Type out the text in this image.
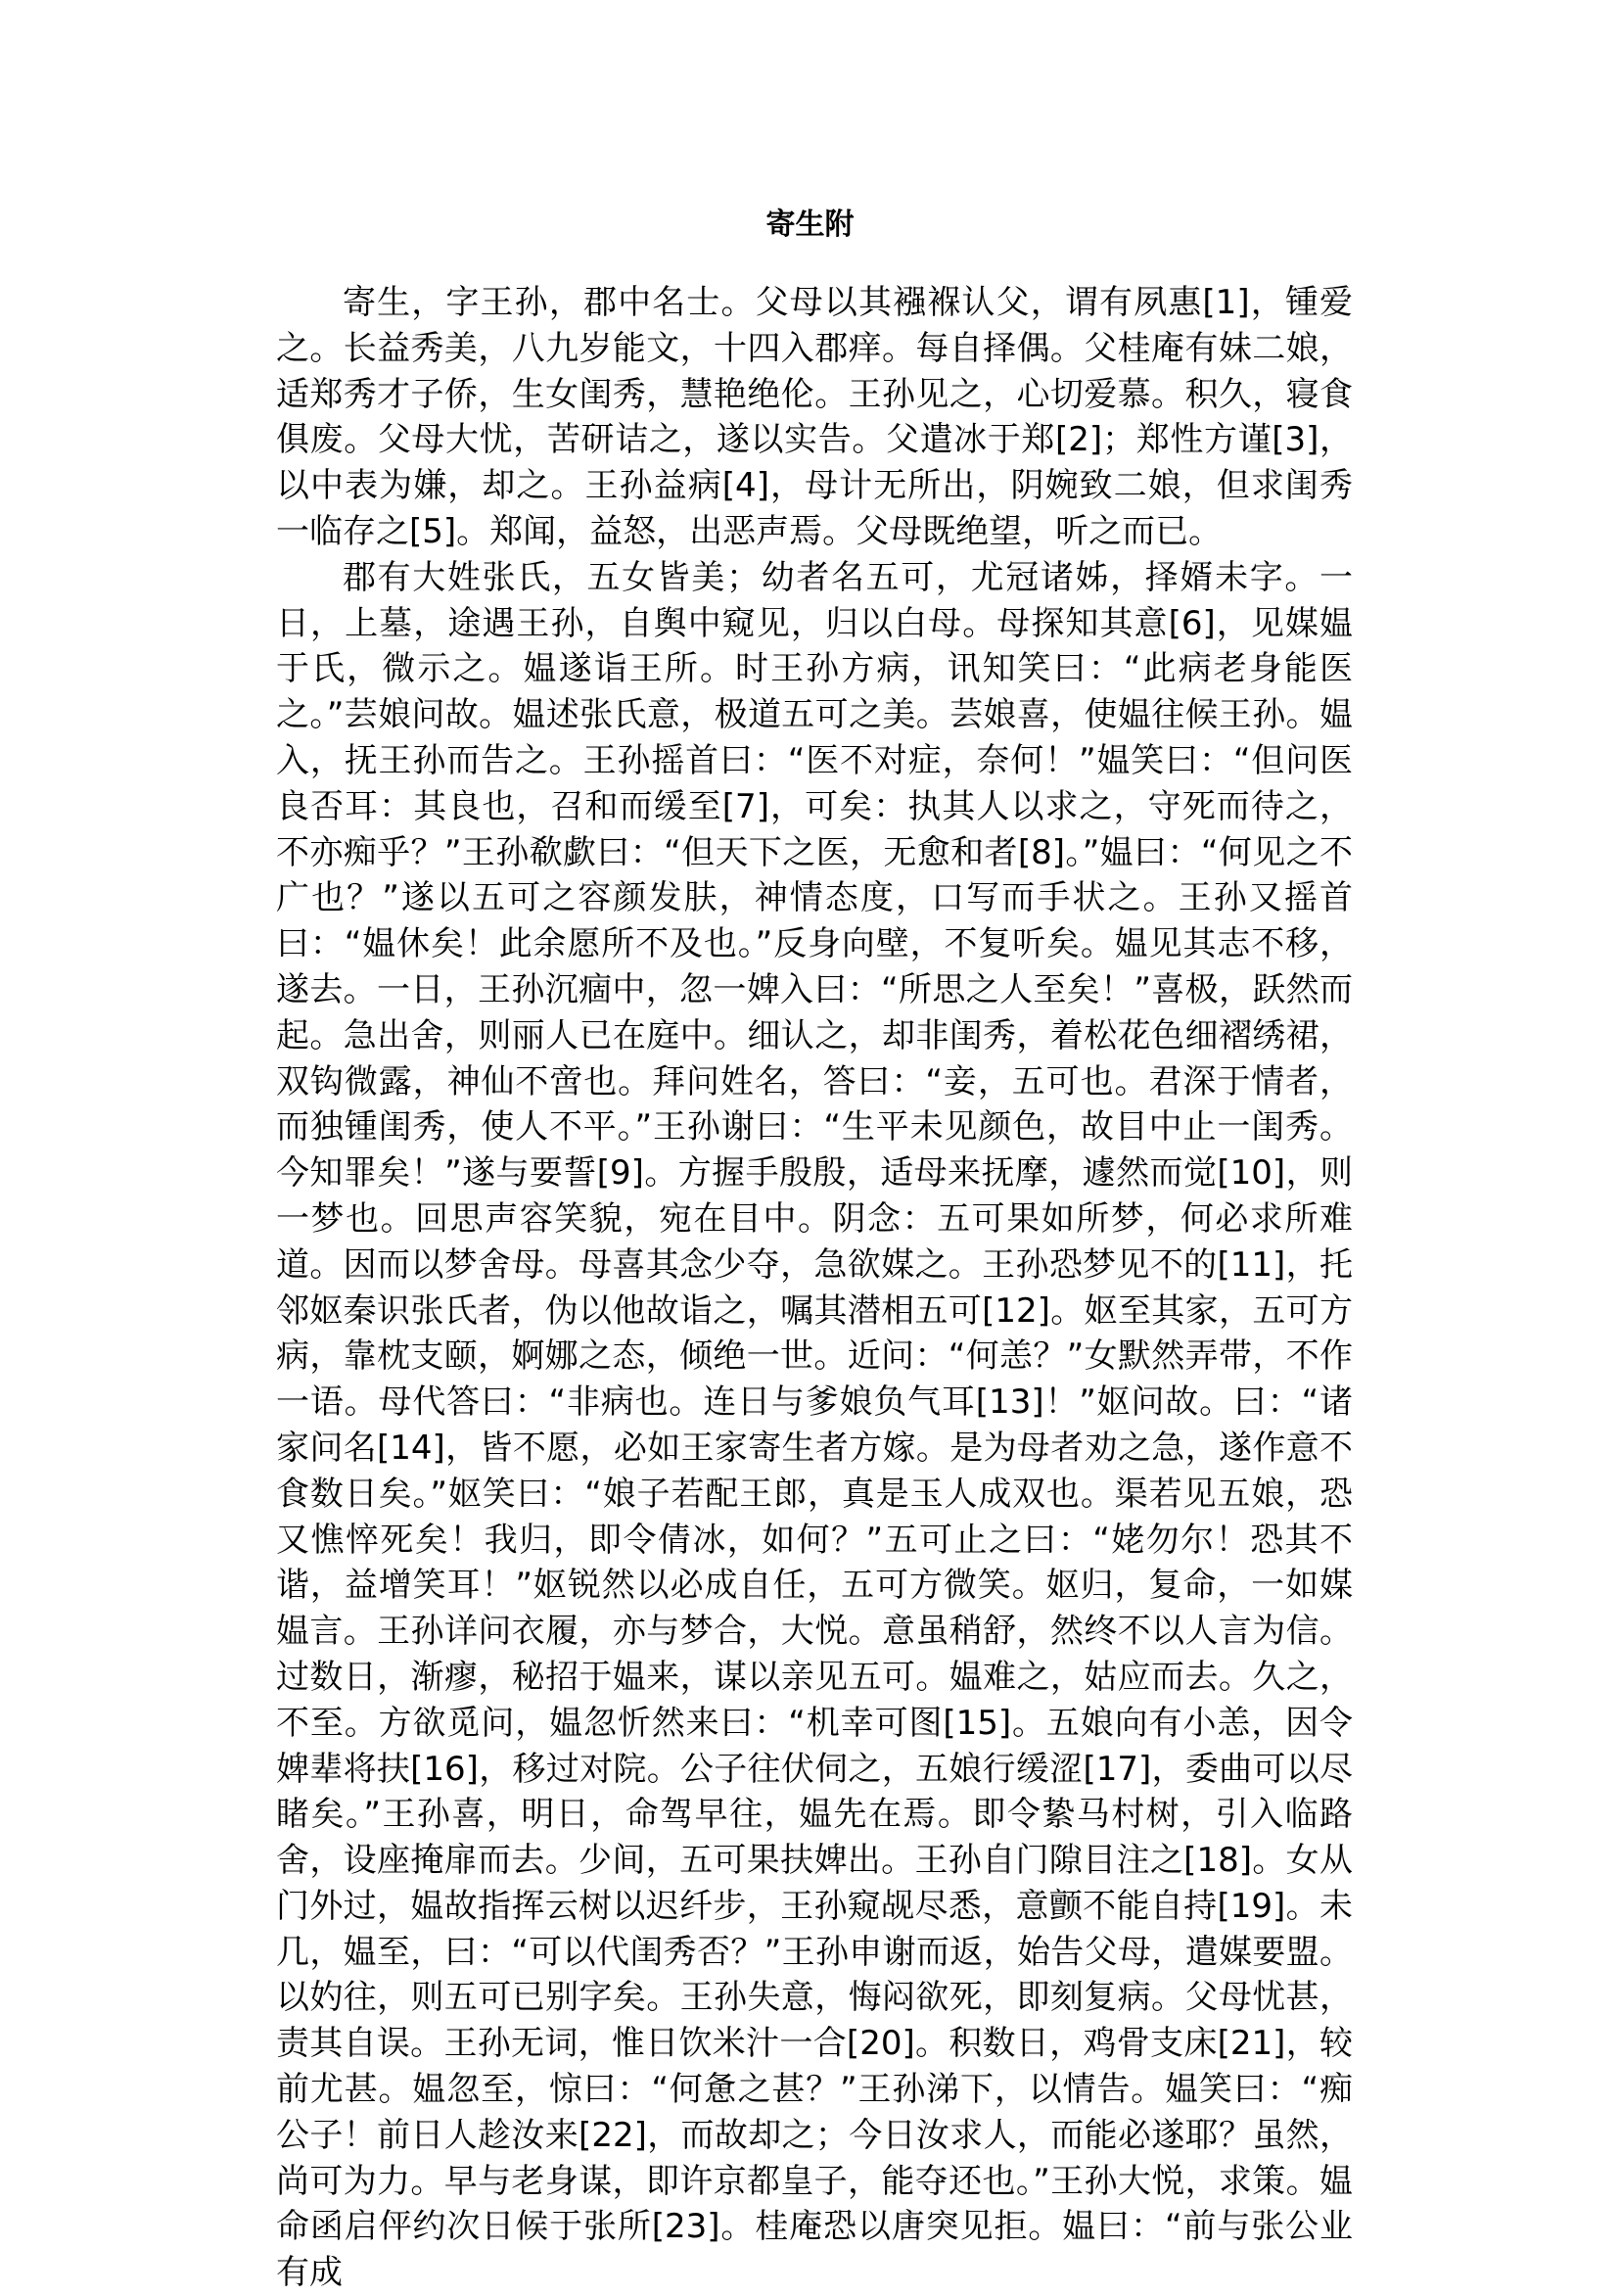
寄生附

寄生，字王孙，郡中名士。父母以其襁褓认父，谓有夙惠[1]，锺爱之。长益秀美，八九岁能文，十四入郡痒。每自择偶。父桂庵有妹二娘，适郑秀才子侨，生女闺秀，慧艳绝伦。王孙见之，心切爱慕。积久，寝食俱废。父母大忧，苦研诘之，遂以实告。父遣冰于郑[2]；郑性方谨[3]，以中表为嫌，却之。王孙益病[4]，母计无所出，阴婉致二娘，但求闺秀一临存之[5]。郑闻，益怒，出恶声焉。父母既绝望，听之而已。

郡有大姓张氏，五女皆美；幼者名五可，尤冠诸姊，择婿未字。一日，上墓，途遇王孙，自舆中窥见，归以白母。母探知其意[6]，见媒媪于氏，微示之。媪遂诣王所。时王孙方病，讯知笑曰：“此病老身能医之。”芸娘问故。媪述张氏意，极道五可之美。芸娘喜，使媪往候王孙。媪入，抚王孙而告之。王孙摇首曰：“医不对症，奈何！”媪笑曰：“但问医良否耳：其良也，召和而缓至[7]，可矣：执其人以求之，守死而待之，不亦痴乎？”王孙欷歔曰：“但天下之医，无愈和者[8]。”媪曰：“何见之不广也？”遂以五可之容颜发肤，神情态度，口写而手状之。王孙又摇首曰：“媪休矣！此余愿所不及也。”反身向壁，不复听矣。媪见其志不移，遂去。一日，王孙沉痼中，忽一婢入曰：“所思之人至矣！”喜极，跃然而起。急出舍，则丽人已在庭中。细认之，却非闺秀，着松花色细褶绣裙，双钩微露，神仙不啻也。拜问姓名，答曰：“妾，五可也。君深于情者，而独锺闺秀，使人不平。”王孙谢曰：“生平未见颜色，故目中止一闺秀。今知罪矣！”遂与要誓[9]。方握手殷殷，适母来抚摩，遽然而觉[10]，则一梦也。回思声容笑貌，宛在目中。阴念：五可果如所梦，何必求所难道。因而以梦舍母。母喜其念少夺，急欲媒之。王孙恐梦见不的[11]，托邻妪秦识张氏者，伪以他故诣之，嘱其潜相五可[12]。妪至其家，五可方病，靠枕支颐，婀娜之态，倾绝一世。近问：“何恙？”女默然弄带，不作一语。母代答曰：“非病也。连日与爹娘负气耳[13]！”妪问故。曰：“诸家问名[14]，皆不愿，必如王家寄生者方嫁。是为母者劝之急，遂作意不食数日矣。”妪笑曰：“娘子若配王郎，真是玉人成双也。渠若见五娘，恐又憔悴死矣！我归，即令倩冰，如何？”五可止之曰：“姥勿尔！恐其不谐，益增笑耳！”妪锐然以必成自任，五可方微笑。妪归，复命，一如媒媪言。王孙详问衣履，亦与梦合，大悦。意虽稍舒，然终不以人言为信。过数日，渐瘳，秘招于媪来，谋以亲见五可。媪难之，姑应而去。久之，不至。方欲觅问，媪忽忻然来曰：“机幸可图[15]。五娘向有小恙，因令婢辈将扶[16]，移过对院。公子往伏伺之，五娘行缓涩[17]，委曲可以尽睹矣。”王孙喜，明日，命驾早往，媪先在焉。即令絷马村树，引入临路舍，设座掩扉而去。少间，五可果扶婢出。王孙自门隙目注之[18]。女从门外过，媪故指挥云树以迟纤步，王孙窥觇尽悉，意颤不能自持[19]。未几，媪至，曰：“可以代闺秀否？”王孙申谢而返，始告父母，遣媒要盟。以妁往，则五可已别字矣。王孙失意，悔闷欲死，即刻复病。父母忧甚，责其自误。王孙无词，惟日饮米汁一合[20]。积数日，鸡骨支床[21]，较前尤甚。媪忽至，惊曰：“何惫之甚？”王孙涕下，以情告。媪笑曰：“痴公子！前日人趁汝来[22]，而故却之；今日汝求人，而能必遂耶？虽然，尚可为力。早与老身谋，即许京都皇子，能夺还也。”王孙大悦，求策。媪命函启伻约次日候于张所[23]。桂庵恐以唐突见拒。媪曰：“前与张公业有成
